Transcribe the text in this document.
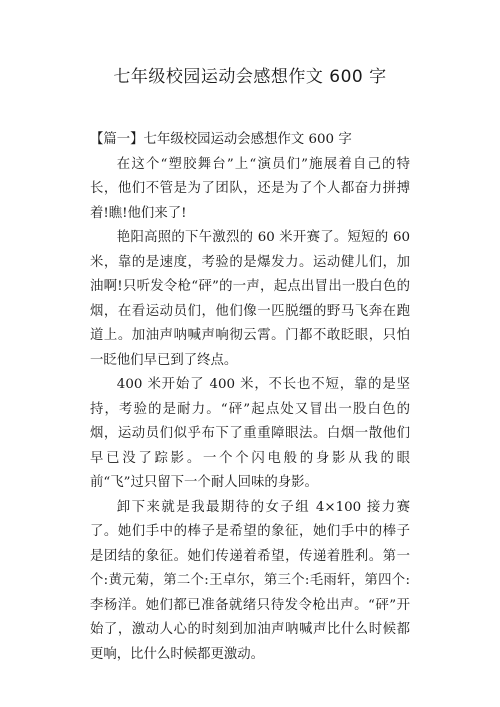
七年级校园运动会感想作文 600 字

【篇一】七年级校园运动会感想作文 600 字

在这个“塑胶舞台”上“演员们”施展着自己的特长，他们不管是为了团队，还是为了个人都奋力拼搏着!瞧!他们来了!

艳阳高照的下午激烈的 60 米开赛了。短短的 60 米，靠的是速度，考验的是爆发力。运动健儿们，加油啊!只听发令枪“砰”的一声，起点出冒出一股白色的烟，在看运动员们，他们像一匹脱缰的野马飞奔在跑道上。加油声呐喊声响彻云霄。门都不敢眨眼，只怕一眨他们早已到了终点。

400 米开始了 400 米，不长也不短，靠的是坚持，考验的是耐力。“砰”起点处又冒出一股白色的烟，运动员们似乎布下了重重障眼法。白烟一散他们早已没了踪影。一个个闪电般的身影从我的眼前“飞”过只留下一个耐人回味的身影。

卸下来就是我最期待的女子组 4×100 接力赛了。她们手中的棒子是希望的象征，她们手中的棒子是团结的象征。她们传递着希望，传递着胜利。第一个:黄元菊，第二个:王卓尔，第三个:毛雨轩，第四个:李杨洋。她们都已准备就绪只待发令枪出声。“砰”开始了，激动人心的时刻到加油声呐喊声比什么时候都更响，比什么时候都更激动。
